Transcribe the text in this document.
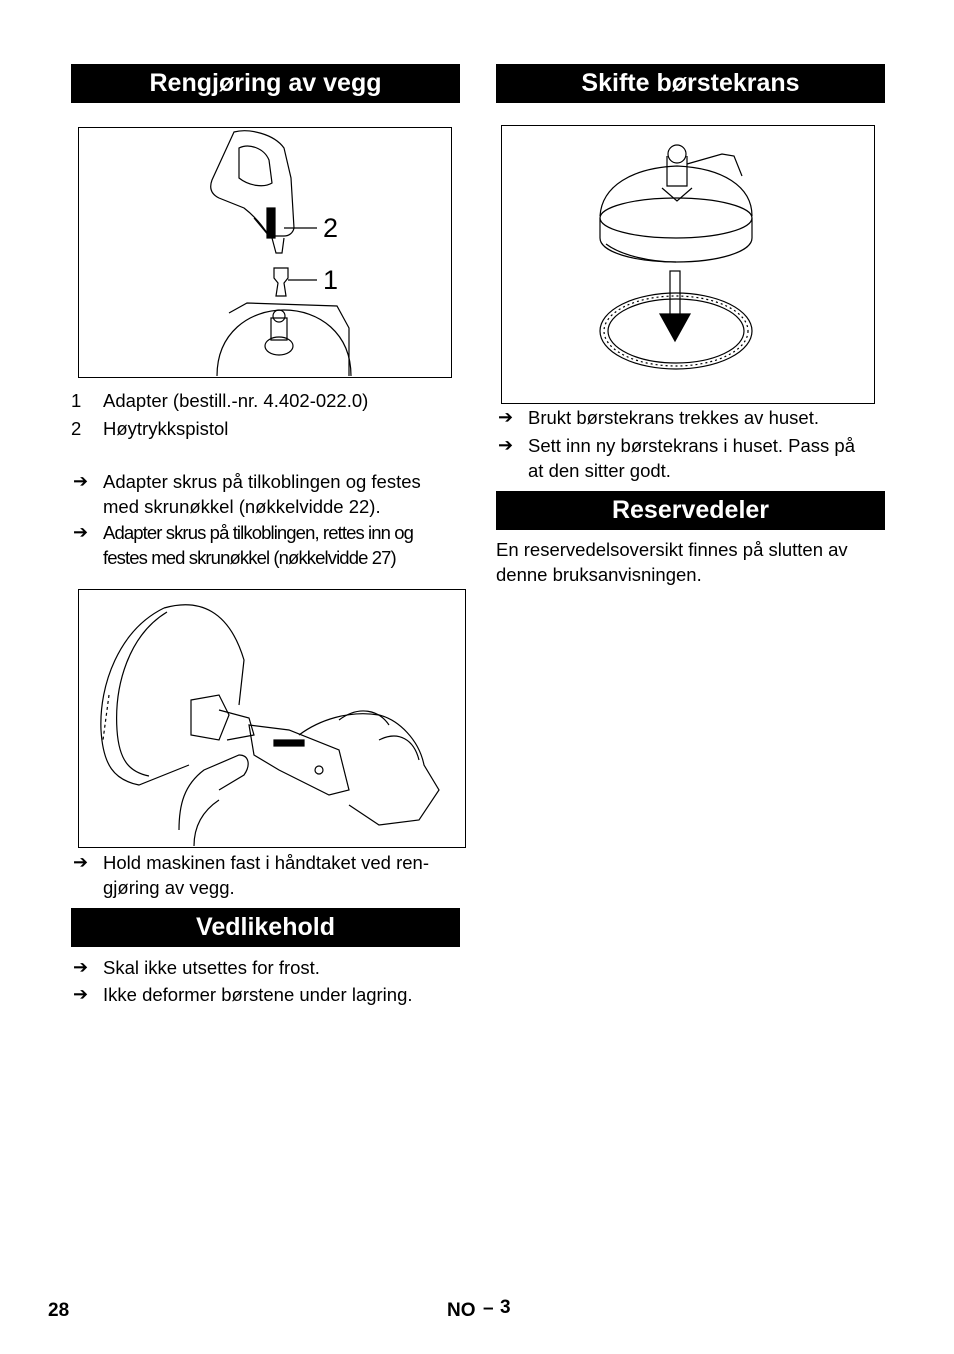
Rengjøring av vegg
2
1
1 Adapter (bestill.-nr. 4.402-022.0)
2 Høytrykkspistol
➔ Adapter skrus på tilkoblingen og festes
med skrunøkkel (nøkkelvidde 22).
➔ Adapter skrus på tilkoblingen, rettes inn og
festes med skrunøkkel (nøkkelvidde 27)
➔ Hold maskinen fast i håndtaket ved ren-
gjøring av vegg.
Vedlikehold
➔ Skal ikke utsettes for frost.
➔ Ikke deformer børstene under lagring.
Skifte børstekrans
➔ Brukt børstekrans trekkes av huset.
➔ Sett inn ny børstekrans i huset. Pass på
at den sitter godt.
Reservedeler
En reservedelsoversikt finnes på slutten av
denne bruksanvisningen.
28	NO – 3
